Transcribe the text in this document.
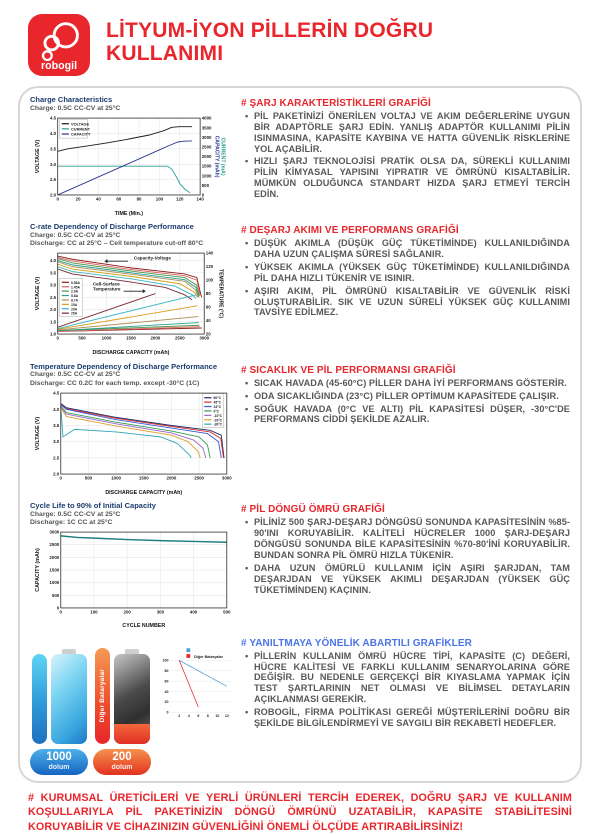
robogil
LİTYUM-İYON PİLLERİN DOĞRU
KULLANIMI
Charge Characteristics
Charge: 0.5C CC-CV at 25°C
0	20	40	60	80	100	120	140
2.0
2.5
3.0
3.5
4.0
4.5
0
500
1000
1500
2000
2500
3000
3500
4000
TIME (Min.)
VOLTAGE (V)	CAPACITY (mAh) CURRENT (mA)
VOLTAGE
CURRENT
CAPACITY
# ŞARJ KARAKTERİSTİKLERİ GRAFİĞİ
• PİL PAKETİNİZİ ÖNERİLEN VOLTAJ VE AKIM DEĞERLERİNE UYGUN BİR ADAPTÖRLE ŞARJ EDİN. YANLIŞ ADAPTÖR KULLANIMI PİLİN ISINMASINA, KAPASİTE KAYBINA VE HATTA GÜVENLİK RİSKLERİNE YOL AÇABİLİR.
• HIZLI ŞARJ TEKNOLOJİSİ PRATİK OLSA DA, SÜREKLİ KULLANIMI PİLİN KİMYASAL YAPISINI YIPRATIR VE ÖMRÜNÜ KISALTABİLİR. MÜMKÜN OLDUĞUNCA STANDART HIZDA ŞARJ ETMEYİ TERCİH EDİN.
C-rate Dependency of Discharge Performance
Charge: 0.5C CC-CV at 25°C
Discharge: CC at 25°C – Cell temperature cut-off 80°C
0	500	1000	1500	2000	2500	3000
1.0
1.5
2.0
2.5
3.0
3.5
4.0
20
40
60
80
100
120
140
DISCHARGE CAPACITY (mAh)
VOLTAGE (V)	TEMPERATURE (°C)
0.58A
1.45A
2.9A
5.8A
8.7A
15A
20A
25A
Capacity-Voltage
Cell-Surface
Temperature
# DEŞARJ AKIMI VE PERFORMANS GRAFİĞİ
• DÜŞÜK AKIMLA (DÜŞÜK GÜÇ TÜKETİMİNDE) KULLANILDIĞINDA DAHA UZUN ÇALIŞMA SÜRESİ SAĞLANIR.
• YÜKSEK AKIMLA (YÜKSEK GÜÇ TÜKETİMİNDE) KULLANILDIĞINDA PİL DAHA HIZLI TÜKENİR VE ISINIR.
• AŞIRI AKIM, PİL ÖMRÜNÜ KISALTABİLİR VE GÜVENLİK RİSKİ OLUŞTURABİLİR. SIK VE UZUN SÜRELİ YÜKSEK GÜÇ KULLANIMI TAVSİYE EDİLMEZ.
Temperature Dependency of Discharge Performance
Charge: 0.5C CC-CV at 25°C
Discharge: CC 0.2C for each temp. except -30°C (1C)
0	500	1000	1500	2000	2500	3000
2.0
2.5
3.0
3.5
4.0
4.5
DISCHARGE CAPACITY (mAh)
VOLTAGE (V)
60°C
45°C
23°C
0°C
-10°C
-20°C
-30°C
# SICAKLIK VE PİL PERFORMANSI GRAFİĞİ
• SICAK HAVADA (45-60°C) PİLLER DAHA İYİ PERFORMANS GÖSTERİR.
• ODA SICAKLIĞINDA (23°C) PİLLER OPTİMUM KAPASİTEDE ÇALIŞIR.
• SOĞUK HAVADA (0°C VE ALTI) PİL KAPASİTESİ DÜŞER, -30°C'DE PERFORMANS CİDDİ ŞEKİLDE AZALIR.
Cycle Life to 90% of Initial Capacity
Charge: 0.5C CC-CV at 25°C
Discharge: 1C CC at 25°C
0	100	200	300	400	500
0
500
1000
1500
2000
2500
3000
CYCLE NUMBER
CAPACITY (mAh)
# PİL DÖNGÜ ÖMRÜ GRAFİĞİ
• PİLİNİZ 500 ŞARJ-DEŞARJ DÖNGÜSÜ SONUNDA KAPASİTESİNİN %85-90'INI KORUYABİLİR. KALİTELİ HÜCRELER 1000 ŞARJ-DEŞARJ DÖNGÜSÜ SONUNDA BİLE KAPASİTESİNİN %70-80'İNİ KORUYABİLİR. BUNDAN SONRA PİL ÖMRÜ HIZLA TÜKENİR.
• DAHA UZUN ÖMÜRLÜ KULLANIM İÇİN AŞIRI ŞARJDAN, TAM DEŞARJDAN VE YÜKSEK AKIMLI DEŞARJDAN (YÜKSEK GÜÇ TÜKETİMİNDEN) KAÇININ.
1000
dolum
Diğer Bataryalar
200
dolum
2 4 6 8 10 12
0
20
40
60
80
100
Diğer Bataryalar
# YANILTMAYA YÖNELİK ABARTILI GRAFİKLER
• PİLLERİN KULLANIM ÖMRÜ HÜCRE TİPİ, KAPASİTE (C) DEĞERİ, HÜCRE KALİTESİ VE FARKLI KULLANIM SENARYOLARINA GÖRE DEĞİŞİR. BU NEDENLE GERÇEKÇİ BİR KIYASLAMA YAPMAK İÇİN TEST ŞARTLARININ NET OLMASI VE BİLİMSEL DETAYLARIN AÇIKLANMASI GEREKİR.
• ROBOGİL, FİRMA POLİTİKASI GEREĞİ MÜŞTERİLERİNİ DOĞRU BİR ŞEKİLDE BİLGİLENDİRMEYİ VE SAYGILI BİR REKABETİ HEDEFLER.
# KURUMSAL ÜRETİCİLERİ VE YERLİ ÜRÜNLERİ TERCİH EDEREK, DOĞRU ŞARJ VE KULLANIM KOŞULLARIYLA PİL PAKETİNİZİN DÖNGÜ ÖMRÜNÜ UZATABİLİR, KAPASİTE STABİLİTESİNİ KORUYABİLİR VE CİHAZINIZIN GÜVENLİĞİNİ ÖNEMLİ ÖLÇÜDE ARTIRABİLİRSİNİZ!
